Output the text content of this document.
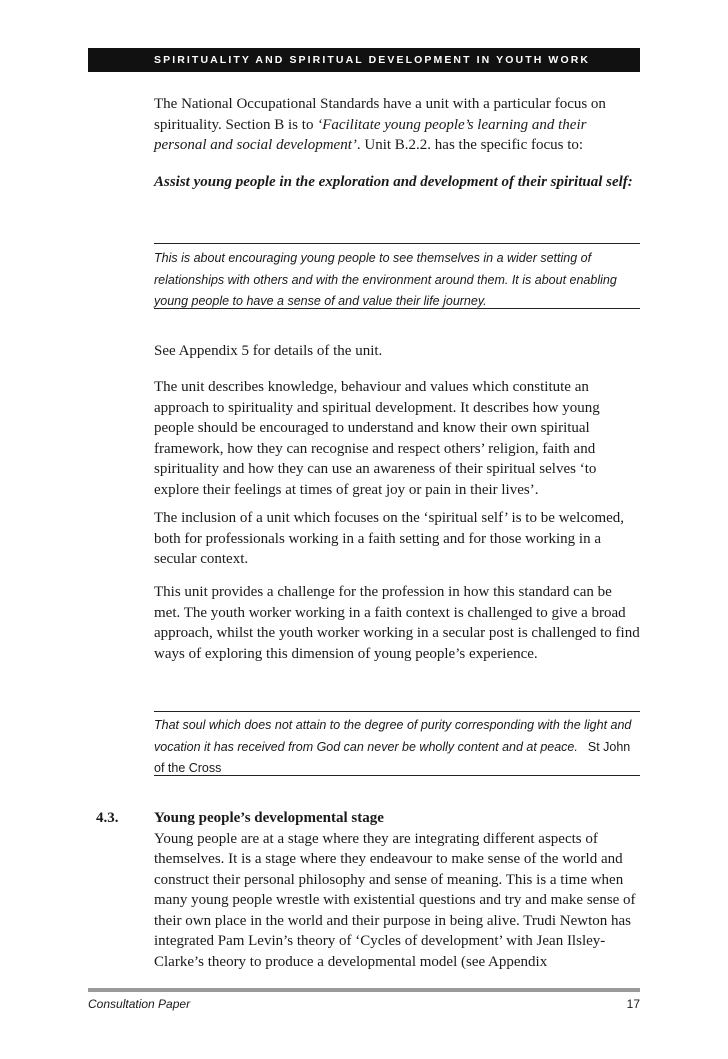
SPIRITUALITY AND SPIRITUAL DEVELOPMENT IN YOUTH WORK

The National Occupational Standards have a unit with a particular focus on spirituality. Section B is to ‘Facilitate young people’s learning and their personal and social development’. Unit B.2.2. has the specific focus to:

Assist young people in the exploration and development of their spiritual self:

This is about encouraging young people to see themselves in a wider setting of relationships with others and with the environment around them. It is about enabling young people to have a sense of and value their life journey.

See Appendix 5 for details of the unit.

The unit describes knowledge, behaviour and values which constitute an approach to spirituality and spiritual development. It describes how young people should be encouraged to understand and know their own spiritual framework, how they can recognise and respect others’ religion, faith and spirituality and how they can use an awareness of their spiritual selves ‘to explore their feelings at times of great joy or pain in their lives’.

The inclusion of a unit which focuses on the ‘spiritual self’ is to be welcomed, both for professionals working in a faith setting and for those working in a secular context.

This unit provides a challenge for the profession in how this standard can be met. The youth worker working in a faith context is challenged to give a broad approach, whilst the youth worker working in a secular post is challenged to find ways of exploring this dimension of young people’s experience.

That soul which does not attain to the degree of purity corresponding with the light and vocation it has received from God can never be wholly content and at peace. St John of the Cross
4.3. Young people’s developmental stage
Young people are at a stage where they are integrating different aspects of themselves. It is a stage where they endeavour to make sense of the world and construct their personal philosophy and sense of meaning. This is a time when many young people wrestle with existential questions and try and make sense of their own place in the world and their purpose in being alive. Trudi Newton has integrated Pam Levin’s theory of ‘Cycles of development’ with Jean Ilsley- Clarke’s theory to produce a developmental model (see Appendix
Consultation Paper	17
